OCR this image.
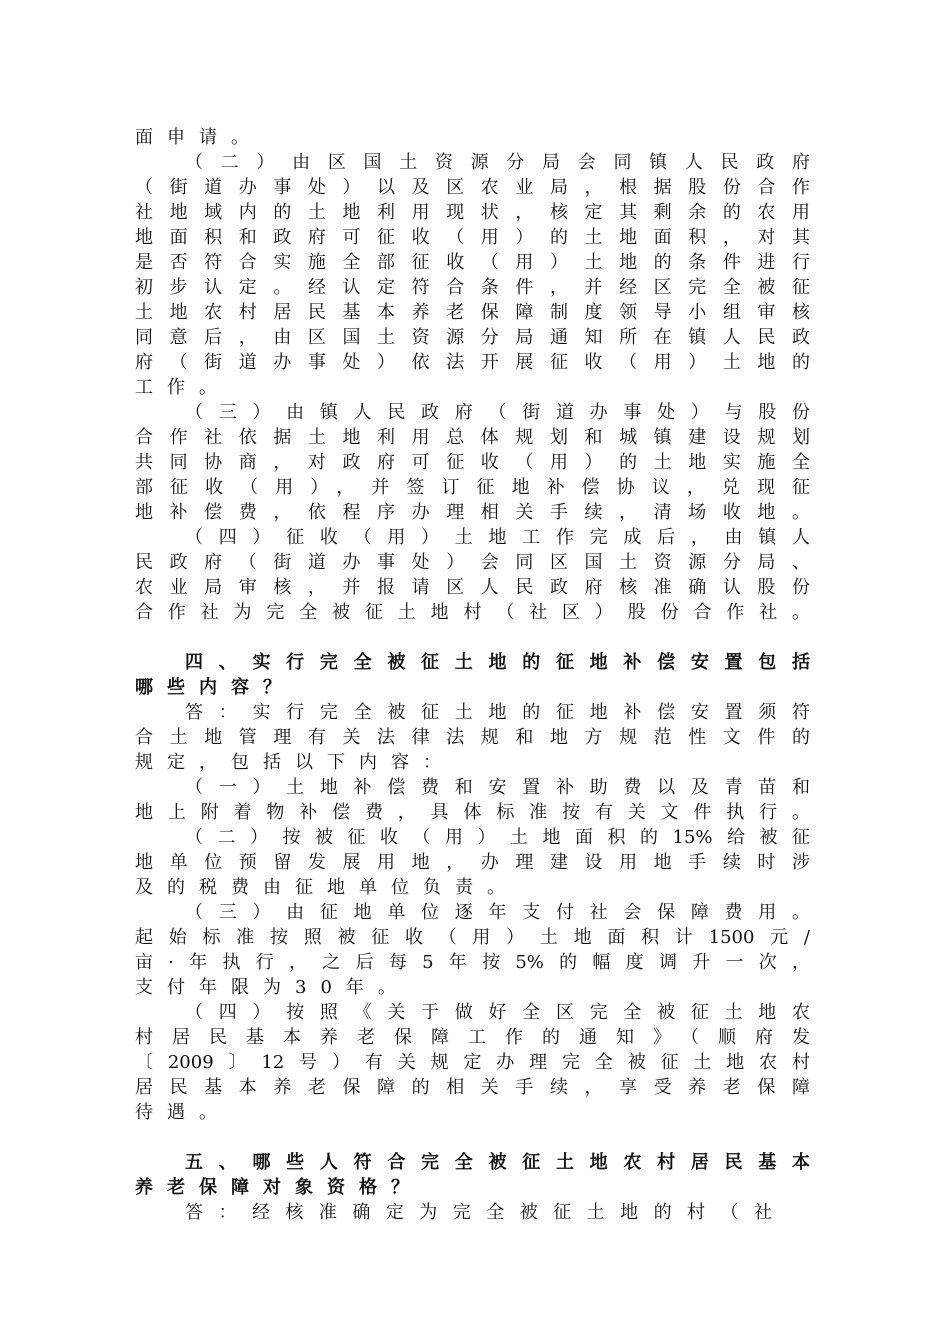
面申请。
（二）由区国土资源分局会同镇人民政府
（街道办事处）以及区农业局，根据股份合作
社地域内的土地利用现状，核定其剩余的农用
地面积和政府可征收（用）的土地面积，对其
是否符合实施全部征收（用）土地的条件进行
初步认定。经认定符合条件，并经区完全被征
土地农村居民基本养老保障制度领导小组审核
同意后，由区国土资源分局通知所在镇人民政
府（街道办事处）依法开展征收（用）土地的
工作。
（三）由镇人民政府（街道办事处）与股份
合作社依据土地利用总体规划和城镇建设规划
共同协商，对政府可征收（用）的土地实施全
部征收（用），并签订征地补偿协议，兑现征
地补偿费，依程序办理相关手续，清场收地。
（四）征收（用）土地工作完成后，由镇人
民政府（街道办事处）会同区国土资源分局、
农业局审核，并报请区人民政府核准确认股份
合作社为完全被征土地村（社区）股份合作社。
四、实行完全被征土地的征地补偿安置包括
哪些内容？
答：实行完全被征土地的征地补偿安置须符
合土地管理有关法律法规和地方规范性文件的
规定，包括以下内容：
（一）土地补偿费和安置补助费以及青苗和
地上附着物补偿费，具体标准按有关文件执行。
（二）按被征收（用）土地面积的15%给被征
地单位预留发展用地，办理建设用地手续时涉
及的税费由征地单位负责。
（三）由征地单位逐年支付社会保障费用。
起始标准按照被征收（用）土地面积计1500元/
亩·年执行，之后每5年按5%的幅度调升一次，
支付年限为30年。
（四）按照《关于做好全区完全被征土地农
村居民基本养老保障工作的通知》（顺府发
〔2009〕12号）有关规定办理完全被征土地农村
居民基本养老保障的相关手续，享受养老保障
待遇。
五、哪些人符合完全被征土地农村居民基本
养老保障对象资格？
答：经核准确定为完全被征土地的村（社
